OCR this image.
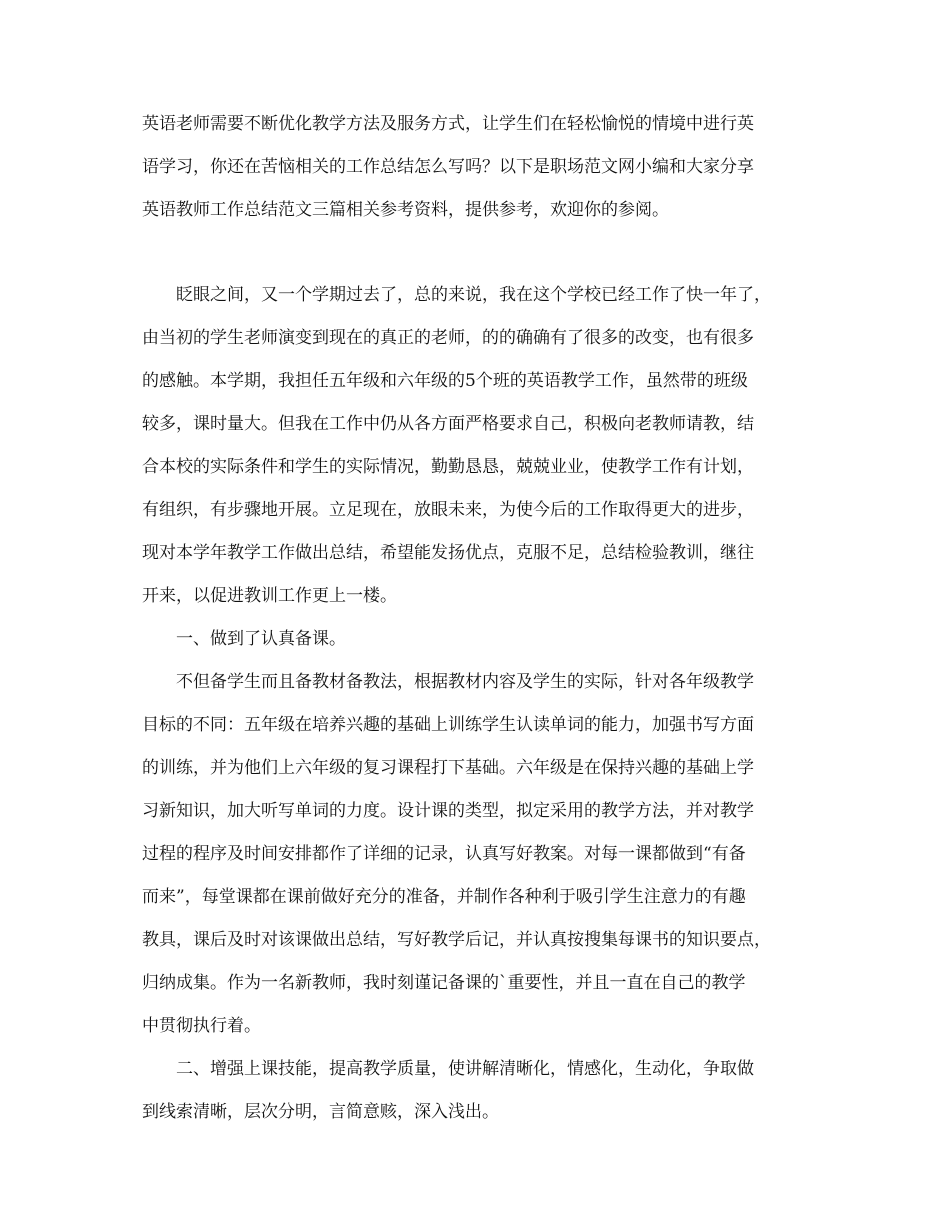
英语老师需要不断优化教学方法及服务方式，让学生们在轻松愉悦的情境中进行英

语学习，你还在苦恼相关的工作总结怎么写吗？以下是职场范文网小编和大家分享

英语教师工作总结范文三篇相关参考资料，提供参考，欢迎你的参阅。

眨眼之间，又一个学期过去了，总的来说，我在这个学校已经工作了快一年了，

由当初的学生老师演变到现在的真正的老师，的的确确有了很多的改变，也有很多

的感触。本学期，我担任五年级和六年级的5个班的英语教学工作，虽然带的班级

较多，课时量大。但我在工作中仍从各方面严格要求自己，积极向老教师请教，结

合本校的实际条件和学生的实际情况，勤勤恳恳，兢兢业业，使教学工作有计划，

有组织，有步骤地开展。立足现在，放眼未来，为使今后的工作取得更大的进步，

现对本学年教学工作做出总结，希望能发扬优点，克服不足，总结检验教训，继往

开来，以促进教训工作更上一楼。

一、做到了认真备课。

不但备学生而且备教材备教法，根据教材内容及学生的实际，针对各年级教学

目标的不同：五年级在培养兴趣的基础上训练学生认读单词的能力，加强书写方面

的训练，并为他们上六年级的复习课程打下基础。六年级是在保持兴趣的基础上学

习新知识，加大听写单词的力度。设计课的类型，拟定采用的教学方法，并对教学

过程的程序及时间安排都作了详细的记录，认真写好教案。对每一课都做到“有备

而来”，每堂课都在课前做好充分的准备，并制作各种利于吸引学生注意力的有趣

教具，课后及时对该课做出总结，写好教学后记，并认真按搜集每课书的知识要点，

归纳成集。作为一名新教师，我时刻谨记备课的`重要性，并且一直在自己的教学

中贯彻执行着。

二、增强上课技能，提高教学质量，使讲解清晰化，情感化，生动化，争取做

到线索清晰，层次分明，言简意赅，深入浅出。
